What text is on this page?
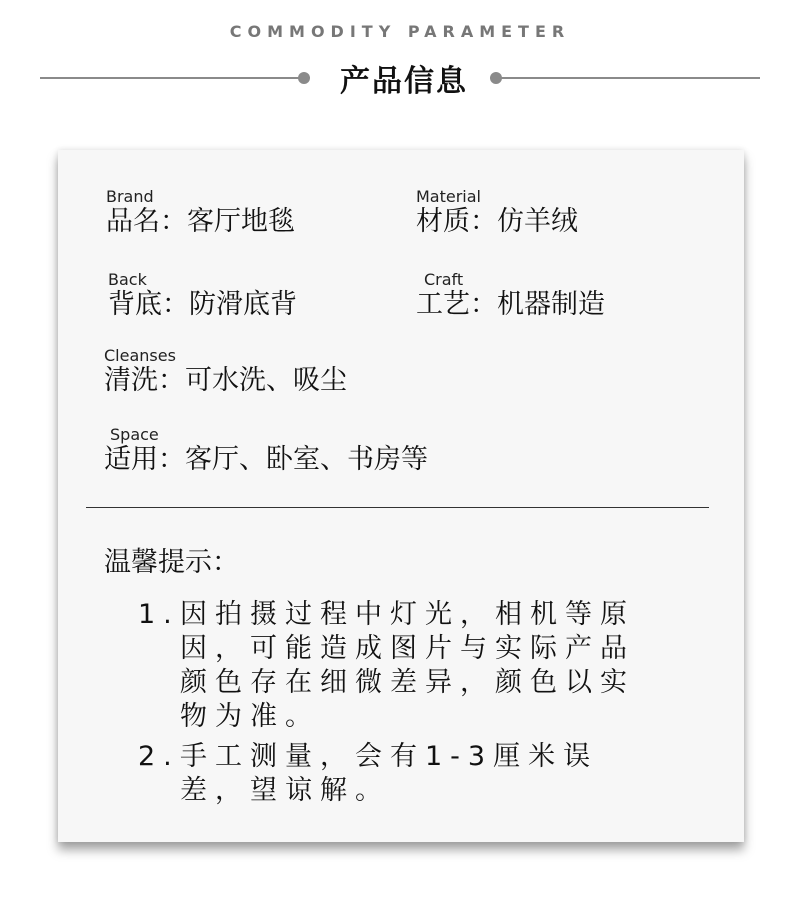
COMMODITY PARAMETER
产品信息
Brand
品名：客厅地毯
Material
材质：仿羊绒
Back
背底：防滑底背
Craft
工艺：机器制造
Cleanses
清洗：可水洗、吸尘
Space
适用：客厅、卧室、书房等
温馨提示：
1. 因拍摄过程中灯光，相机等原因，可能造成图片与实际产品颜色存在细微差异，颜色以实物为准。
2. 手工测量，会有1-3厘米误差，望谅解。
